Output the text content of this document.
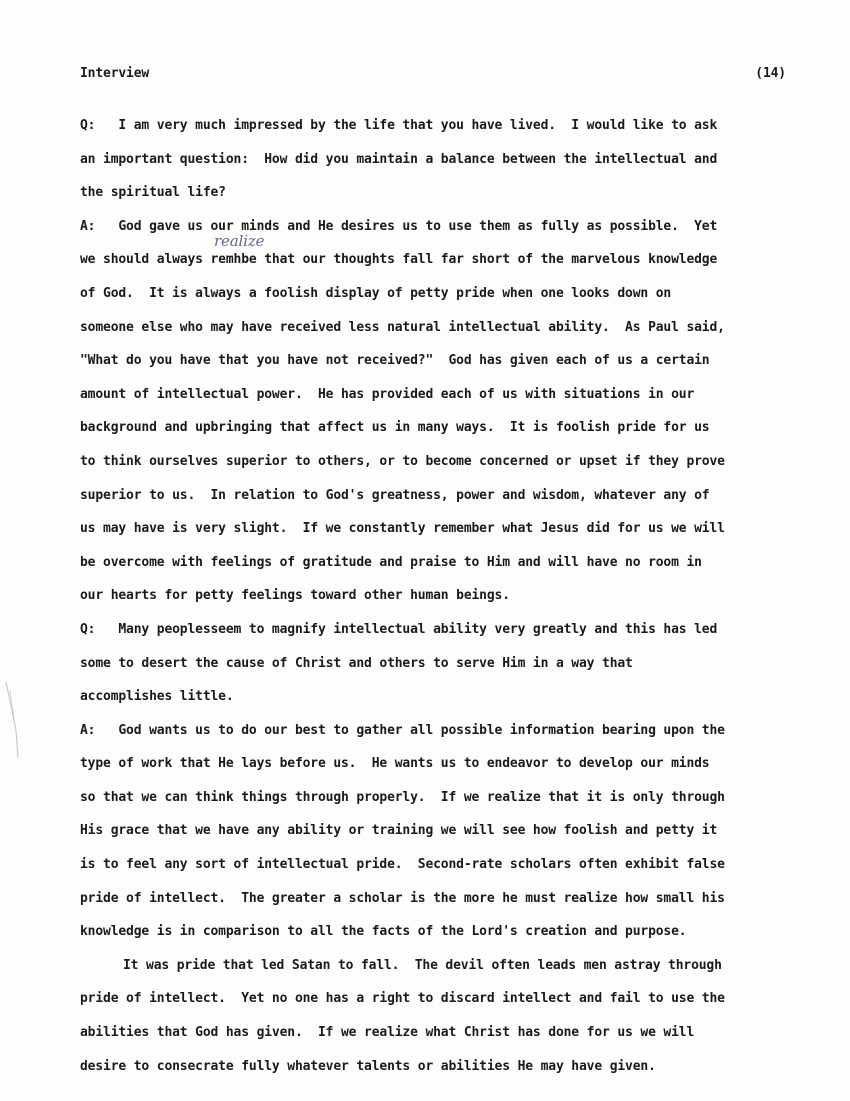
Interview	(14)
realize
Q:   I am very much impressed by the life that you have lived.  I would like to ask
an important question:  How did you maintain a balance between the intellectual and
the spiritual life?
A:   God gave us our minds and He desires us to use them as fully as possible.  Yet
we should always remhbe that our thoughts fall far short of the marvelous knowledge
of God.  It is always a foolish display of petty pride when one looks down on
someone else who may have received less natural intellectual ability.  As Paul said,
"What do you have that you have not received?"  God has given each of us a certain
amount of intellectual power.  He has provided each of us with situations in our
background and upbringing that affect us in many ways.  It is foolish pride for us
to think ourselves superior to others, or to become concerned or upset if they prove
superior to us.  In relation to God's greatness, power and wisdom, whatever any of
us may have is very slight.  If we constantly remember what Jesus did for us we will
be overcome with feelings of gratitude and praise to Him and will have no room in
our hearts for petty feelings toward other human beings.
Q:   Many peoplesseem to magnify intellectual ability very greatly and this has led
some to desert the cause of Christ and others to serve Him in a way that
accomplishes little.
A:   God wants us to do our best to gather all possible information bearing upon the
type of work that He lays before us.  He wants us to endeavor to develop our minds
so that we can think things through properly.  If we realize that it is only through
His grace that we have any ability or training we will see how foolish and petty it
is to feel any sort of intellectual pride.  Second-rate scholars often exhibit false
pride of intellect.  The greater a scholar is the more he must realize how small his
knowledge is in comparison to all the facts of the Lord's creation and purpose.
It was pride that led Satan to fall.  The devil often leads men astray through
pride of intellect.  Yet no one has a right to discard intellect and fail to use the
abilities that God has given.  If we realize what Christ has done for us we will
desire to consecrate fully whatever talents or abilities He may have given.
